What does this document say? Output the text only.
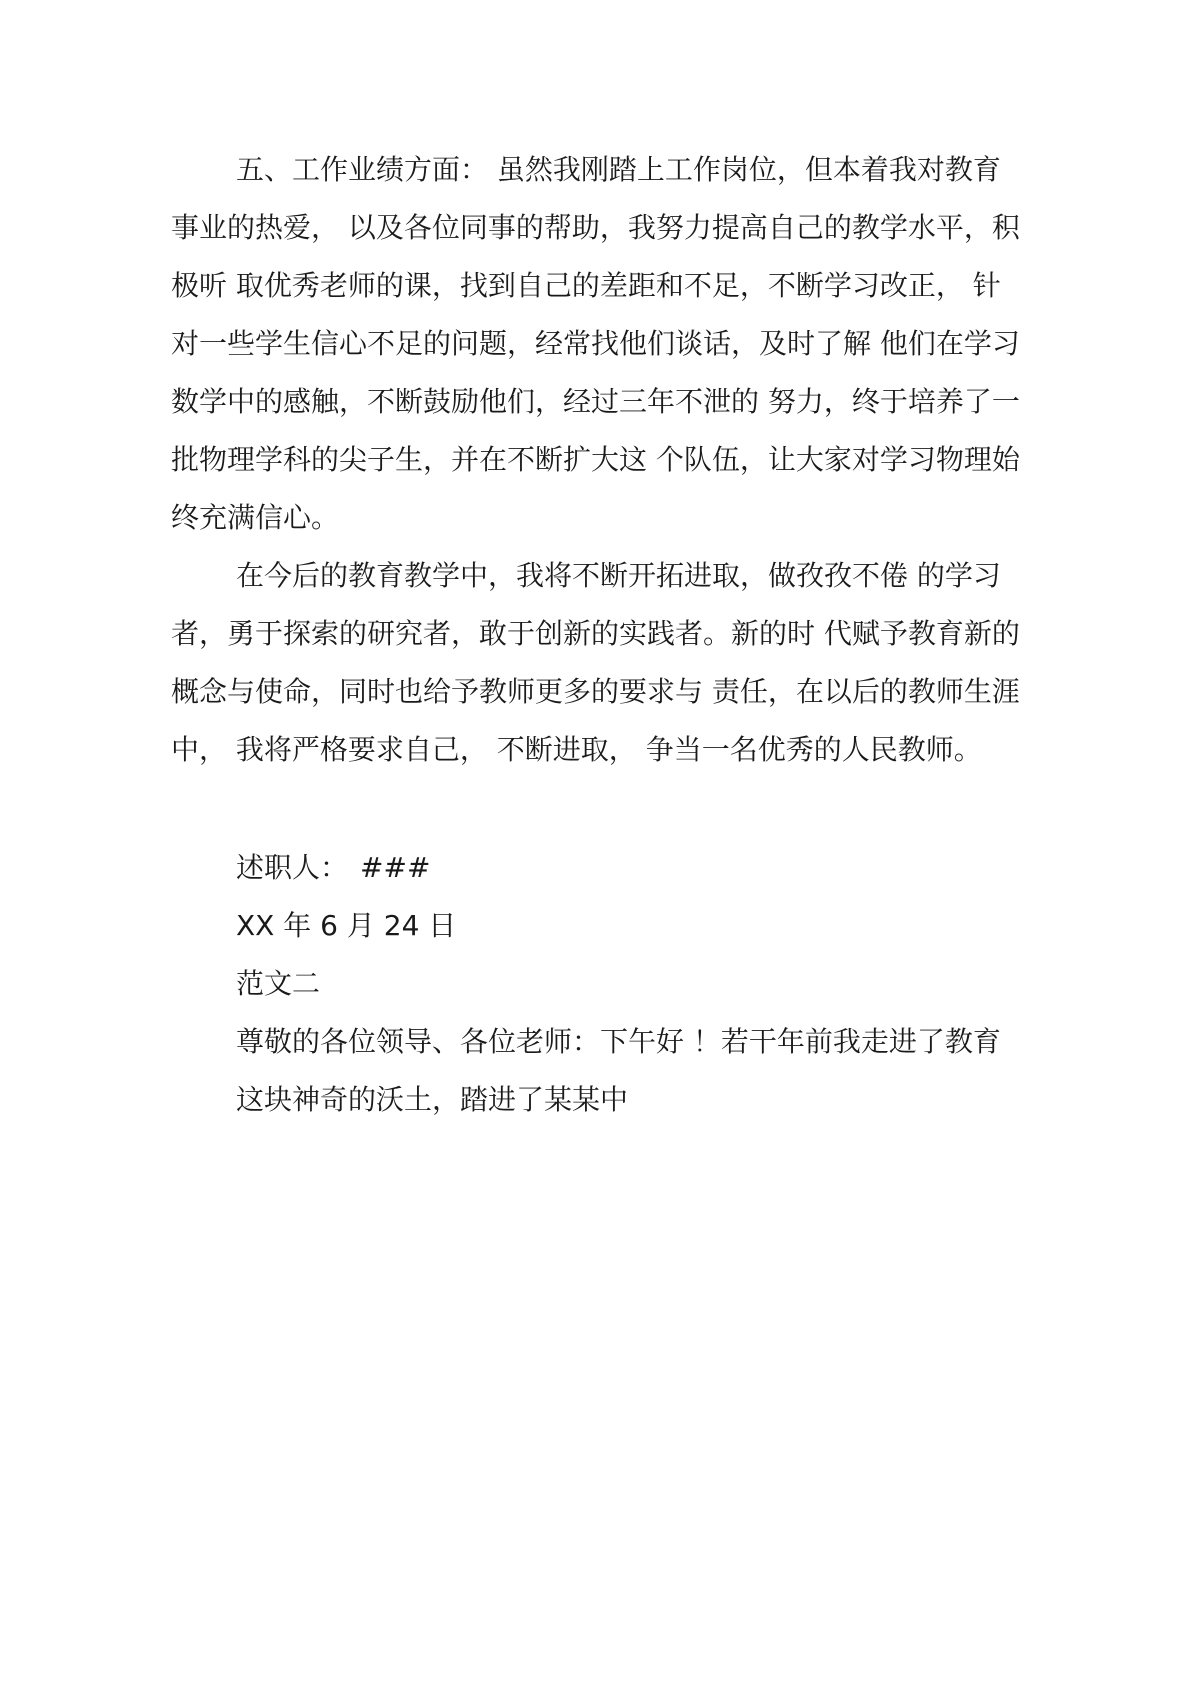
五、工作业绩方面： 虽然我刚踏上工作岗位，但本着我对教育
事业的热爱， 以及各位同事的帮助，我努力提高自己的教学水平，积
极听 取优秀老师的课，找到自己的差距和不足，不断学习改正， 针
对一些学生信心不足的问题，经常找他们谈话，及时了解 他们在学习
数学中的感触，不断鼓励他们，经过三年不泄的 努力，终于培养了一
批物理学科的尖子生，并在不断扩大这 个队伍，让大家对学习物理始
终充满信心。
在今后的教育教学中，我将不断开拓进取，做孜孜不倦 的学习
者，勇于探索的研究者，敢于创新的实践者。新的时 代赋予教育新的
概念与使命，同时也给予教师更多的要求与 责任，在以后的教师生涯
中， 我将严格要求自己， 不断进取， 争当一名优秀的人民教师。
述职人： ###
XX 年 6 月 24 日
范文二
尊敬的各位领导、各位老师：下午好 ！若干年前我走进了教育
这块神奇的沃土，踏进了某某中
